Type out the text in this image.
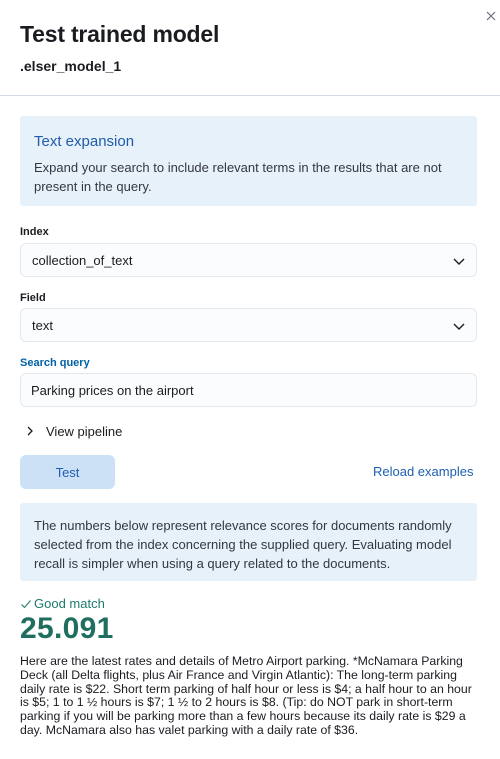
Test trained model
.elser_model_1
Text expansion
Expand your search to include relevant terms in the results that are not present in the query.
Index
collection_of_text
Field
text
Search query
Parking prices on the airport
View pipeline
Test	Reload examples
The numbers below represent relevance scores for documents randomly selected from the index concerning the supplied query. Evaluating model recall is simpler when using a query related to the documents.
Good match
25.091
Here are the latest rates and details of Metro Airport parking. *McNamara Parking Deck (all Delta flights, plus Air France and Virgin Atlantic): The long-term parking daily rate is $22. Short term parking of half hour or less is $4; a half hour to an hour is $5; 1 to 1 ½ hours is $7; 1 ½ to 2 hours is $8. (Tip: do NOT park in short-term parking if you will be parking more than a few hours because its daily rate is $29 a day. McNamara also has valet parking with a daily rate of $36.
